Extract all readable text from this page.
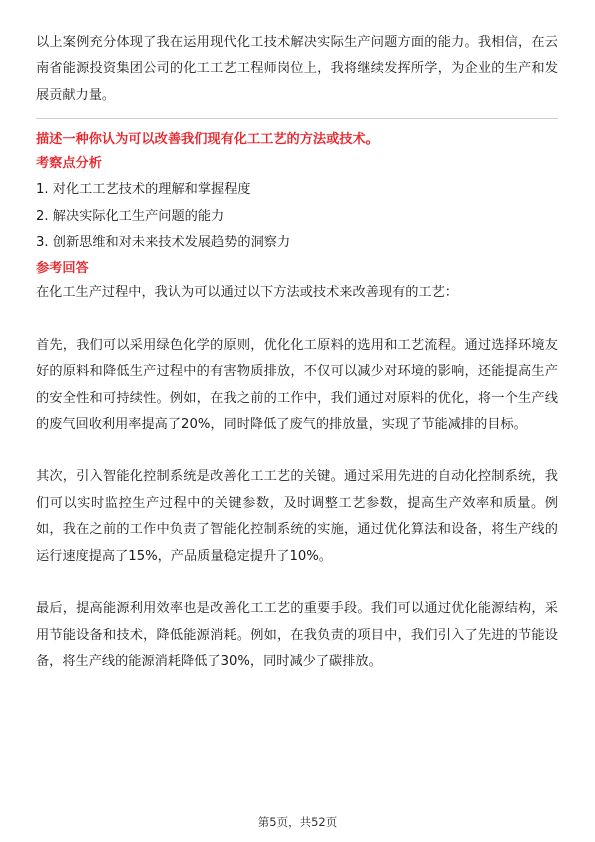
以上案例充分体现了我在运用现代化工技术解决实际生产问题方面的能力。我相信，在云南省能源投资集团公司的化工工艺工程师岗位上，我将继续发挥所学，为企业的生产和发展贡献力量。

描述一种你认为可以改善我们现有化工工艺的方法或技术。

考察点分析

1. 对化工工艺技术的理解和掌握程度
2. 解决实际化工生产问题的能力
3. 创新思维和对未来技术发展趋势的洞察力

参考回答

在化工生产过程中，我认为可以通过以下方法或技术来改善现有的工艺：

首先，我们可以采用绿色化学的原则，优化化工原料的选用和工艺流程。通过选择环境友好的原料和降低生产过程中的有害物质排放，不仅可以减少对环境的影响，还能提高生产的安全性和可持续性。例如，在我之前的工作中，我们通过对原料的优化，将一个生产线的废气回收利用率提高了20%，同时降低了废气的排放量，实现了节能减排的目标。

其次，引入智能化控制系统是改善化工工艺的关键。通过采用先进的自动化控制系统，我们可以实时监控生产过程中的关键参数，及时调整工艺参数，提高生产效率和质量。例如，我在之前的工作中负责了智能化控制系统的实施，通过优化算法和设备，将生产线的运行速度提高了15%，产品质量稳定提升了10%。

最后，提高能源利用效率也是改善化工工艺的重要手段。我们可以通过优化能源结构，采用节能设备和技术，降低能源消耗。例如，在我负责的项目中，我们引入了先进的节能设备，将生产线的能源消耗降低了30%，同时减少了碳排放。

第5页，共52页
